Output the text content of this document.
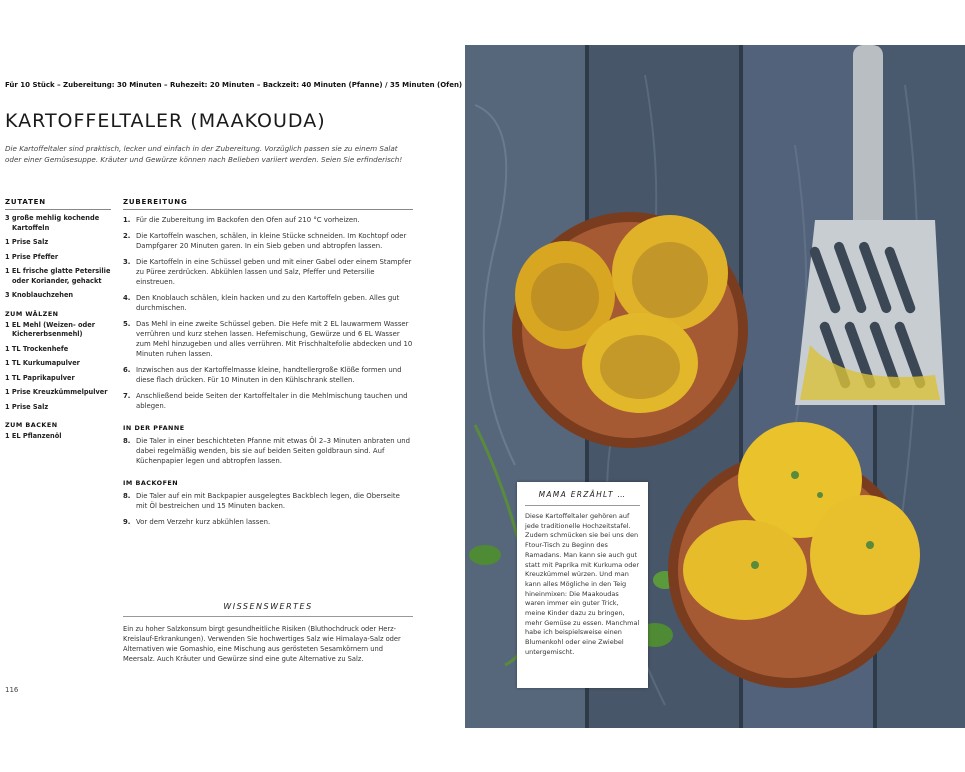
Für 10 Stück – Zubereitung: 30 Minuten – Ruhezeit: 20 Minuten – Backzeit: 40 Minuten (Pfanne) / 35 Minuten (Ofen)
KARTOFFELTALER (MAAKOUDA)
Die Kartoffeltaler sind praktisch, lecker und einfach in der Zubereitung. Vorzüglich passen sie zu einem Salat oder einer Gemüsesuppe. Kräuter und Gewürze können nach Belieben variiert werden. Seien Sie erfinderisch!
ZUTATEN	ZUBEREITUNG
3 große mehlig kochende Kartoffeln
1 Prise Salz
1 Prise Pfeffer
1 EL frische glatte Petersilie oder Koriander, gehackt
3 Knoblauchzehen
ZUM WÄLZEN
1 EL Mehl (Weizen- oder Kichererbsenmehl)
1 TL Trockenhefe
1 TL Kurkumapulver
1 TL Paprikapulver
1 Prise Kreuzkümmelpulver
1 Prise Salz
ZUM BACKEN
1 EL Pflanzenöl
1. Für die Zubereitung im Backofen den Ofen auf 210 °C vorheizen.
2. Die Kartoffeln waschen, schälen, in kleine Stücke schneiden. Im Kochtopf oder Dampfgarer 20 Minuten garen. In ein Sieb geben und abtropfen lassen.
3. Die Kartoffeln in eine Schüssel geben und mit einer Gabel oder einem Stampfer zu Püree zerdrücken. Abkühlen lassen und Salz, Pfeffer und Petersilie einstreuen.
4. Den Knoblauch schälen, klein hacken und zu den Kartoffeln geben. Alles gut durchmischen.
5. Das Mehl in eine zweite Schüssel geben. Die Hefe mit 2 EL lauwarmem Wasser verrühren und kurz stehen lassen. Hefemischung, Gewürze und 6 EL Wasser zum Mehl hinzugeben und alles verrühren. Mit Frischhaltefolie abdecken und 10 Minuten ruhen lassen.
6. Inzwischen aus der Kartoffelmasse kleine, handtellergroße Klöße formen und diese flach drücken. Für 10 Minuten in den Kühlschrank stellen.
7. Anschließend beide Seiten der Kartoffeltaler in die Mehlmischung tauchen und ablegen.
IN DER PFANNE
8. Die Taler in einer beschichteten Pfanne mit etwas Öl 2–3 Minuten anbraten und dabei regelmäßig wenden, bis sie auf beiden Seiten goldbraun sind. Auf Küchenpapier legen und abtropfen lassen.
IM BACKOFEN
8. Die Taler auf ein mit Backpapier ausgelegtes Backblech legen, die Oberseite mit Öl bestreichen und 15 Minuten backen.
9. Vor dem Verzehr kurz abkühlen lassen.
WISSENSWERTES
Ein zu hoher Salzkonsum birgt gesundheitliche Risiken (Bluthochdruck oder Herz-Kreislauf-Erkrankungen). Verwenden Sie hochwertiges Salz wie Himalaya-Salz oder Alternativen wie Gomashio, eine Mischung aus gerösteten Sesamkörnern und Meersalz. Auch Kräuter und Gewürze sind eine gute Alternative zu Salz.
116
MAMA ERZÄHLT …
Diese Kartoffeltaler gehören auf jede traditionelle Hochzeitstafel. Zudem schmücken sie bei uns den Ftour-Tisch zu Beginn des Ramadans. Man kann sie auch gut statt mit Paprika mit Kurkuma oder Kreuzkümmel würzen. Und man kann alles Mögliche in den Teig hineinmixen: Die Maakoudas waren immer ein guter Trick, meine Kinder dazu zu bringen, mehr Gemüse zu essen. Manchmal habe ich beispielsweise einen Blumenkohl oder eine Zwiebel untergemischt.
